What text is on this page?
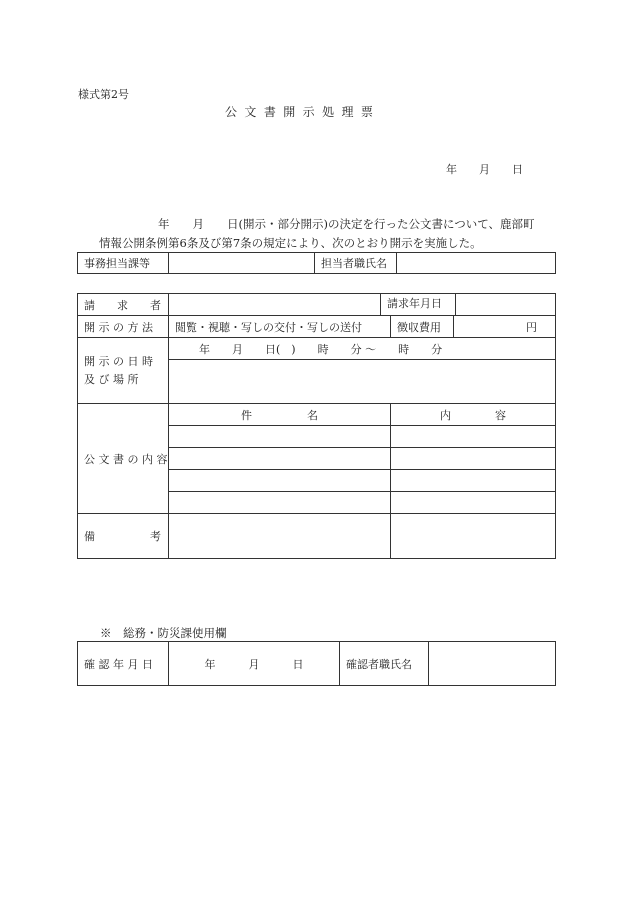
様式第2号
公 文 書 開 示 処 理 票
年　　月　　日
年　　月　　日(開示・部分開示)の決定を行った公文書について、鹿部町
情報公開条例第6条及び第7条の規定により、次のとおり開示を実施した。
事務担当課等		担当者職氏名	
請　　求　　者		請求年月日		

開 示 の 方 法	閲覧・視聴・写しの交付・写しの送付		徴収費用	円

開 示 の 日 時
及 び 場 所	年　　月　　日(　)　　時　　分 〜　　時　　分			

公 文 書 の 内 容	件　　　　　名		内　　　　容	

備　　　　　考				
※　総務・防災課使用欄
確 認 年 月 日	年　　　月　　　日	確認者職氏名	
